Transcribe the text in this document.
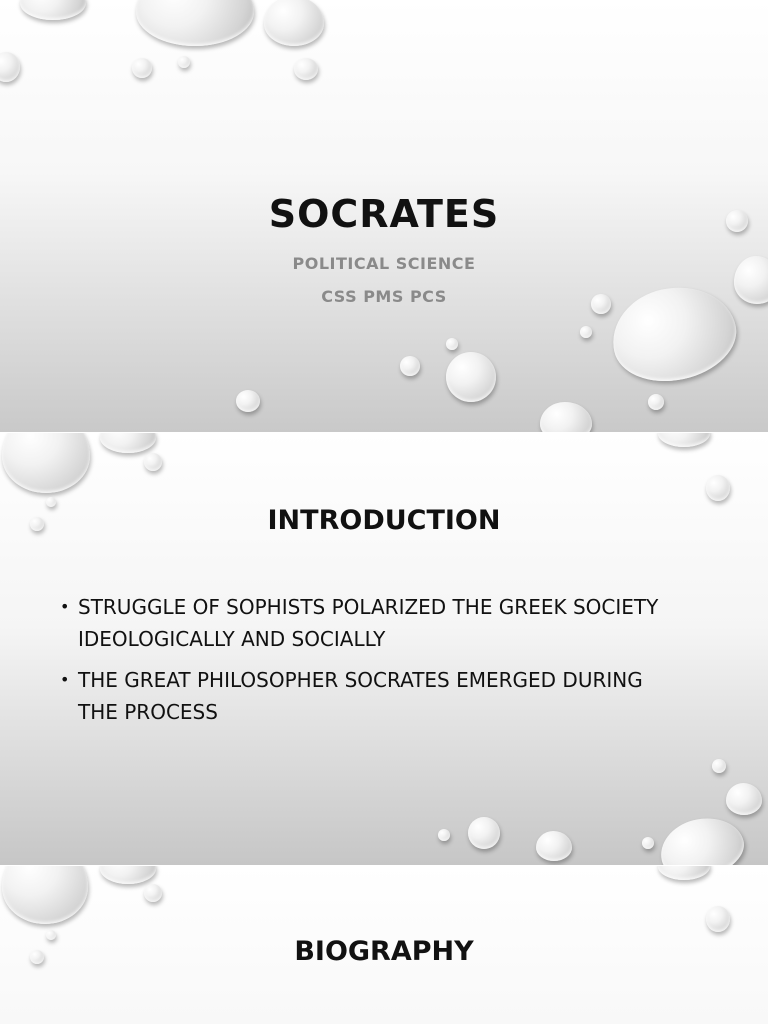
SOCRATES
POLITICAL SCIENCE
CSS PMS PCS
INTRODUCTION
• STRUGGLE OF SOPHISTS POLARIZED THE GREEK SOCIETY IDEOLOGICALLY AND SOCIALLY
• THE GREAT PHILOSOPHER SOCRATES EMERGED DURING THE PROCESS
BIOGRAPHY
